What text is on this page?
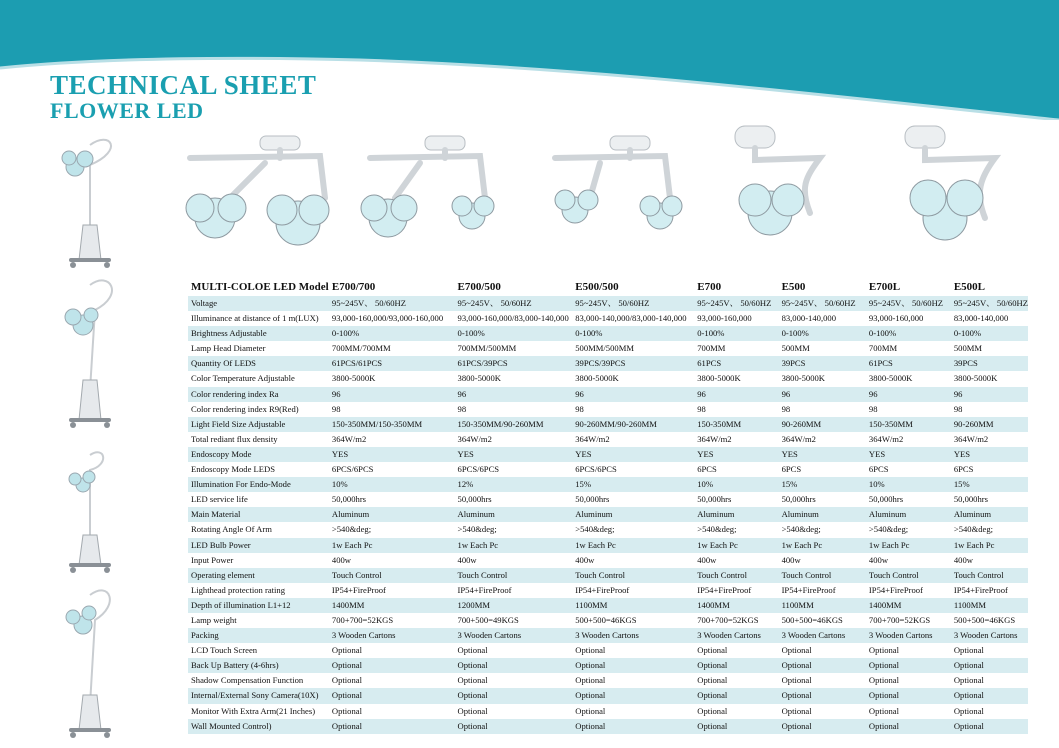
TECHNICAL SHEET
FLOWER LED
MULTI-COLOE LED Model	E700/700	E700/500	E500/500	E700	E500	E700L	E500L
Voltage	95~245V、 50/60HZ	95~245V、 50/60HZ	95~245V、 50/60HZ	95~245V、 50/60HZ	95~245V、 50/60HZ	95~245V、 50/60HZ	95~245V、 50/60HZ
Illuminance at distance of 1 m(LUX)	93,000-160,000/93,000-160,000	93,000-160,000/83,000-140,000	83,000-140,000/83,000-140,000	93,000-160,000	83,000-140,000	93,000-160,000	83,000-140,000
Brightness Adjustable	0-100%	0-100%	0-100%	0-100%	0-100%	0-100%	0-100%
Lamp Head Diameter	700MM/700MM	700MM/500MM	500MM/500MM	700MM	500MM	700MM	500MM
Quantity Of LEDS	61PCS/61PCS	61PCS/39PCS	39PCS/39PCS	61PCS	39PCS	61PCS	39PCS
Color Temperature Adjustable	3800-5000K	3800-5000K	3800-5000K	3800-5000K	3800-5000K	3800-5000K	3800-5000K
Color rendering index Ra	96	96	96	96	96	96	96
Color rendering index R9(Red)	98	98	98	98	98	98	98
Light Field Size Adjustable	150-350MM/150-350MM	150-350MM/90-260MM	90-260MM/90-260MM	150-350MM	90-260MM	150-350MM	90-260MM
Total rediant flux density	364W/m2	364W/m2	364W/m2	364W/m2	364W/m2	364W/m2	364W/m2
Endoscopy Mode	YES	YES	YES	YES	YES	YES	YES
Endoscopy Mode LEDS	6PCS/6PCS	6PCS/6PCS	6PCS/6PCS	6PCS	6PCS	6PCS	6PCS
Illumination For Endo-Mode	10%	12%	15%	10%	15%	10%	15%
LED service life	50,000hrs	50,000hrs	50,000hrs	50,000hrs	50,000hrs	50,000hrs	50,000hrs
Main Material	Aluminum	Aluminum	Aluminum	Aluminum	Aluminum	Aluminum	Aluminum
Rotating Angle Of Arm	>540&deg;	>540&deg;	>540&deg;	>540&deg;	>540&deg;	>540&deg;	>540&deg;
LED Bulb Power	1w Each Pc	1w Each Pc	1w Each Pc	1w Each Pc	1w Each Pc	1w Each Pc	1w Each Pc
Input Power	400w	400w	400w	400w	400w	400w	400w
Operating element	Touch Control	Touch Control	Touch Control	Touch Control	Touch Control	Touch Control	Touch Control
Lighthead protection rating	IP54+FireProof	IP54+FireProof	IP54+FireProof	IP54+FireProof	IP54+FireProof	IP54+FireProof	IP54+FireProof
Depth of illumination L1+12	1400MM	1200MM	1100MM	1400MM	1100MM	1400MM	1100MM
Lamp weight	700+700=52KGS	700+500=49KGS	500+500=46KGS	700+700=52KGS	500+500=46KGS	700+700=52KGS	500+500=46KGS
Packing	3 Wooden Cartons	3 Wooden Cartons	3 Wooden Cartons	3 Wooden Cartons	3 Wooden Cartons	3 Wooden Cartons	3 Wooden Cartons
LCD Touch Screen	Optional	Optional	Optional	Optional	Optional	Optional	Optional
Back Up Battery (4-6hrs)	Optional	Optional	Optional	Optional	Optional	Optional	Optional
Shadow Compensation Function	Optional	Optional	Optional	Optional	Optional	Optional	Optional
Internal/External Sony Camera(10X)	Optional	Optional	Optional	Optional	Optional	Optional	Optional
Monitor With Extra Arm(21 Inches)	Optional	Optional	Optional	Optional	Optional	Optional	Optional
Wall Mounted Control)	Optional	Optional	Optional	Optional	Optional	Optional	Optional
